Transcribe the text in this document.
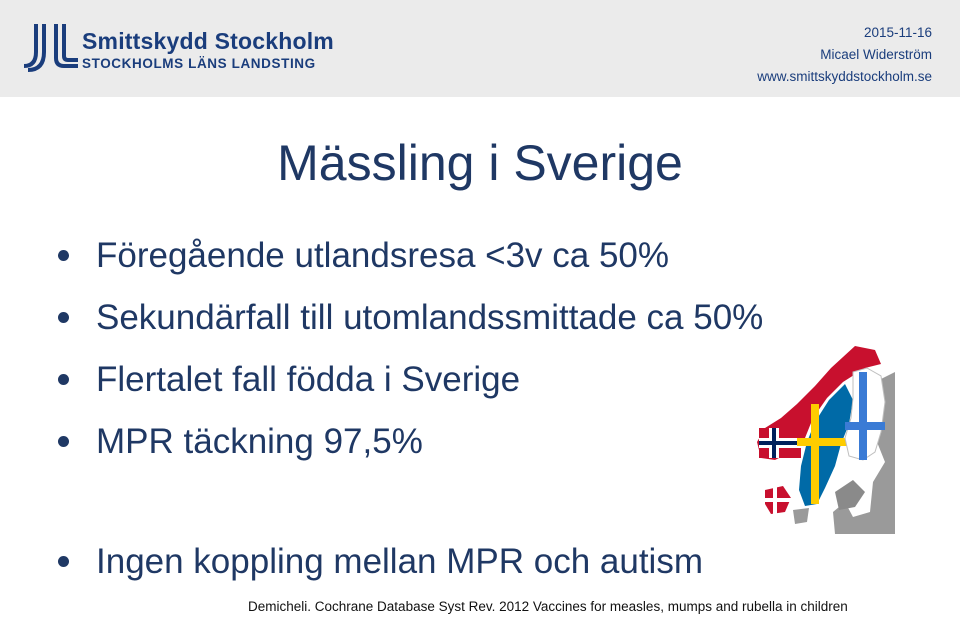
Smittskydd Stockholm
STOCKHOLMS LÄNS LANDSTING
2015-11-16
Micael Widerström
www.smittskyddstockholm.se
Mässling i Sverige
Föregående utlandsresa <3v ca 50%
Sekundärfall till utomlandssmittade ca 50%
Flertalet fall födda i Sverige
MPR täckning 97,5%
Ingen koppling mellan MPR och autism
Demicheli. Cochrane Database Syst Rev. 2012 Vaccines for measles, mumps and rubella in children
